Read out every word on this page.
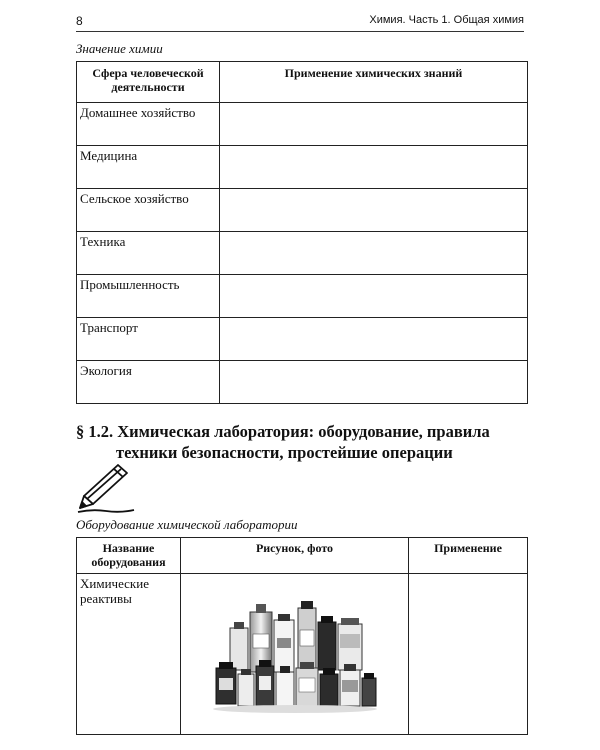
8	Химия. Часть 1. Общая химия
Значение химии
Сфера человеческой деятельности	Применение химических знаний

Домашнее хозяйство	

Медицина	

Сельское хозяйство	

Техника	

Промышленность	

Транспорт	

Экология	

§ 1.2. Химическая лаборатория: оборудование, правила
техники безопасности, простейшие операции
Оборудование химической лаборатории
Название оборудования	Рисунок, фото	Применение

Химические реактивы
